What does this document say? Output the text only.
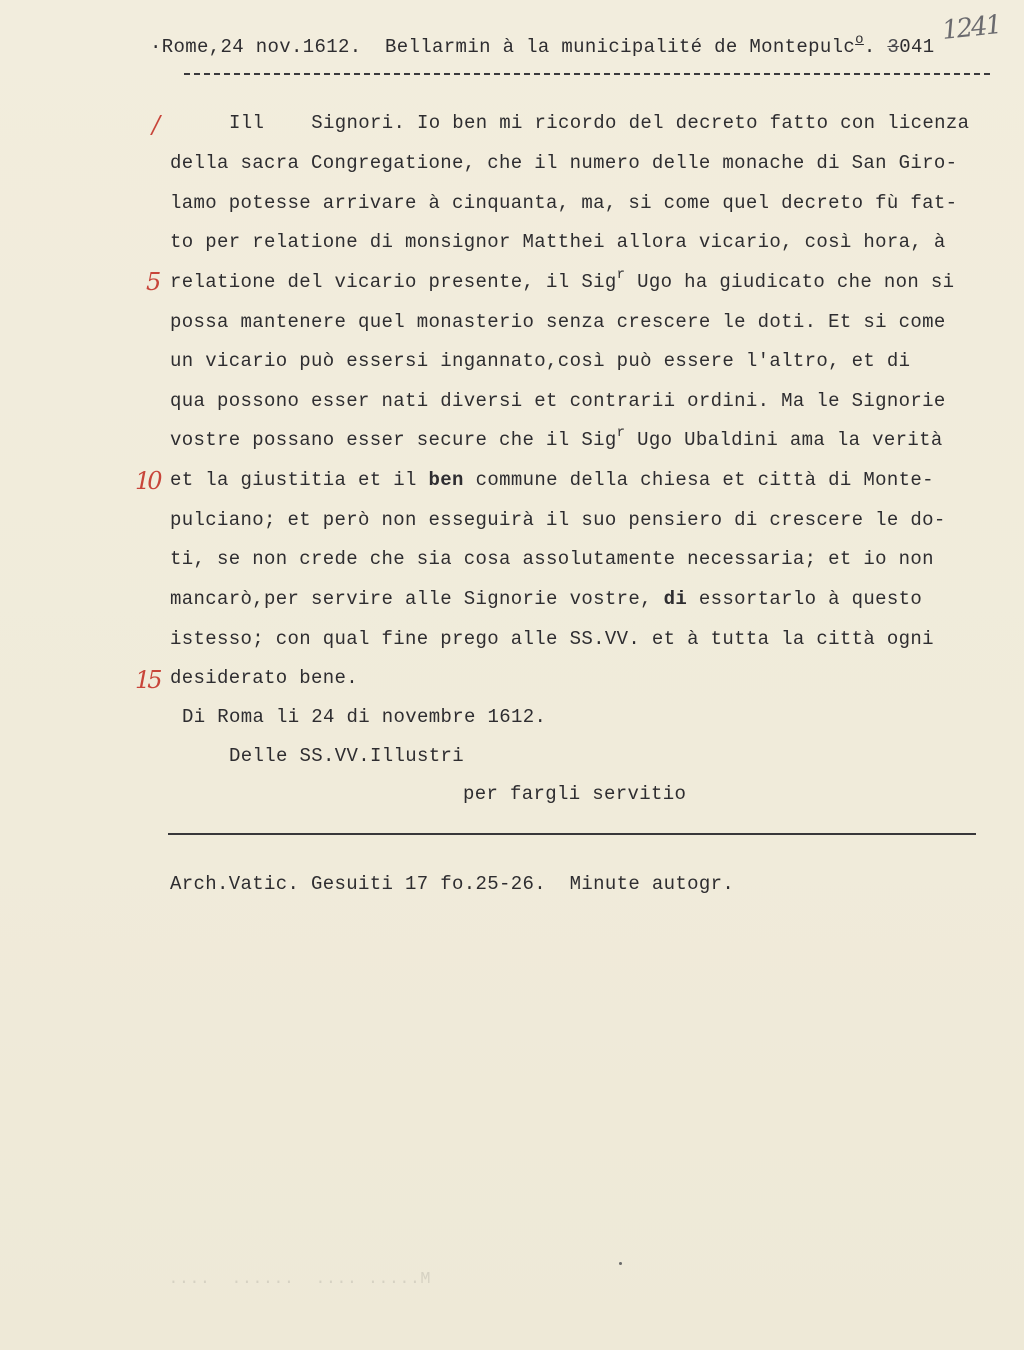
·Rome,24 nov.1612.  Bellarmin à la municipalité de Montepulc$^o$. 3041
1241
/
5
10
15
Ill    Signori. Io ben mi ricordo del decreto fatto con licenza
della sacra Congregatione, che il numero delle monache di San Giro-
lamo potesse arrivare à cinquanta, ma, si come quel decreto fù fat-
to per relatione di monsignor Matthei allora vicario, così hora, à
relatione del vicario presente, il Sig$^r$ Ugo ha giudicato che non si
possa mantenere quel monasterio senza crescere le doti. Et si come
un vicario può essersi ingannato,così può essere l'altro, et di
qua possono esser nati diversi et contrarii ordini. Ma le Signorie
vostre possano esser secure che il Sig$^r$ Ugo Ubaldini ama la verità
et la giustitia et il ben commune della chiesa et città di Monte-
pulciano; et però non esseguirà il suo pensiero di crescere le do-
ti, se non crede che sia cosa assolutamente necessaria; et io non
mancarò,per servire alle Signorie vostre, di essortarlo à questo
istesso; con qual fine prego alle SS.VV. et à tutta la città ogni
desiderato bene.
Di Roma li 24 di novembre 1612.
Delle SS.VV.Illustri
per fargli servitio
Arch.Vatic. Gesuiti 17 fo.25-26.  Minute autogr.
M..... ....  ......  ....
